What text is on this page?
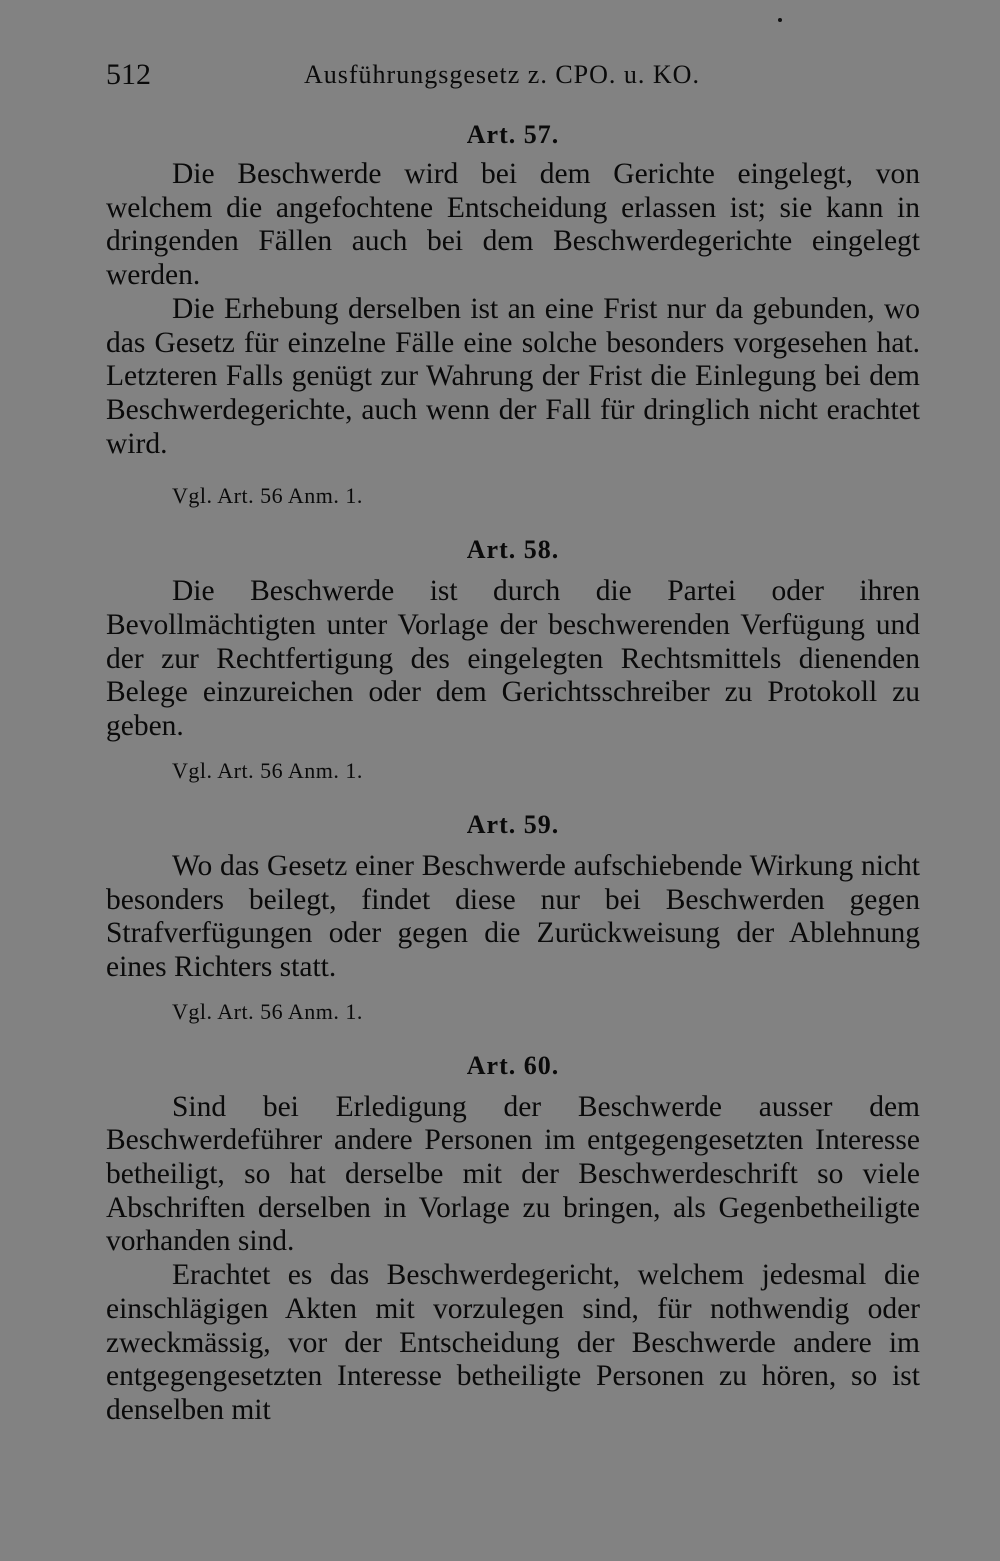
512	Ausführungsgesetz z. CPO. u. KO.
Art. 57.

Die Beschwerde wird bei dem Gerichte eingelegt, von welchem die angefochtene Entscheidung erlassen ist; sie kann in dringenden Fällen auch bei dem Beschwerdegerichte eingelegt werden.

Die Erhebung derselben ist an eine Frist nur da gebunden, wo das Gesetz für einzelne Fälle eine solche besonders vorgesehen hat. Letzteren Falls genügt zur Wahrung der Frist die Einlegung bei dem Beschwerdegerichte, auch wenn der Fall für dringlich nicht erachtet wird.

Vgl. Art. 56 Anm. 1.

Art. 58.

Die Beschwerde ist durch die Partei oder ihren Bevollmächtigten unter Vorlage der beschwerenden Verfügung und der zur Rechtfertigung des eingelegten Rechtsmittels dienenden Belege einzureichen oder dem Gerichtsschreiber zu Protokoll zu geben.

Vgl. Art. 56 Anm. 1.

Art. 59.

Wo das Gesetz einer Beschwerde aufschiebende Wirkung nicht besonders beilegt, findet diese nur bei Beschwerden gegen Strafverfügungen oder gegen die Zurückweisung der Ablehnung eines Richters statt.

Vgl. Art. 56 Anm. 1.

Art. 60.

Sind bei Erledigung der Beschwerde ausser dem Beschwerdeführer andere Personen im entgegengesetzten Interesse betheiligt, so hat derselbe mit der Beschwerdeschrift so viele Abschriften derselben in Vorlage zu bringen, als Gegenbetheiligte vorhanden sind.

Erachtet es das Beschwerdegericht, welchem jedesmal die einschlägigen Akten mit vorzulegen sind, für nothwendig oder zweckmässig, vor der Entscheidung der Beschwerde andere im entgegengesetzten Interesse betheiligte Personen zu hören, so ist denselben mit
